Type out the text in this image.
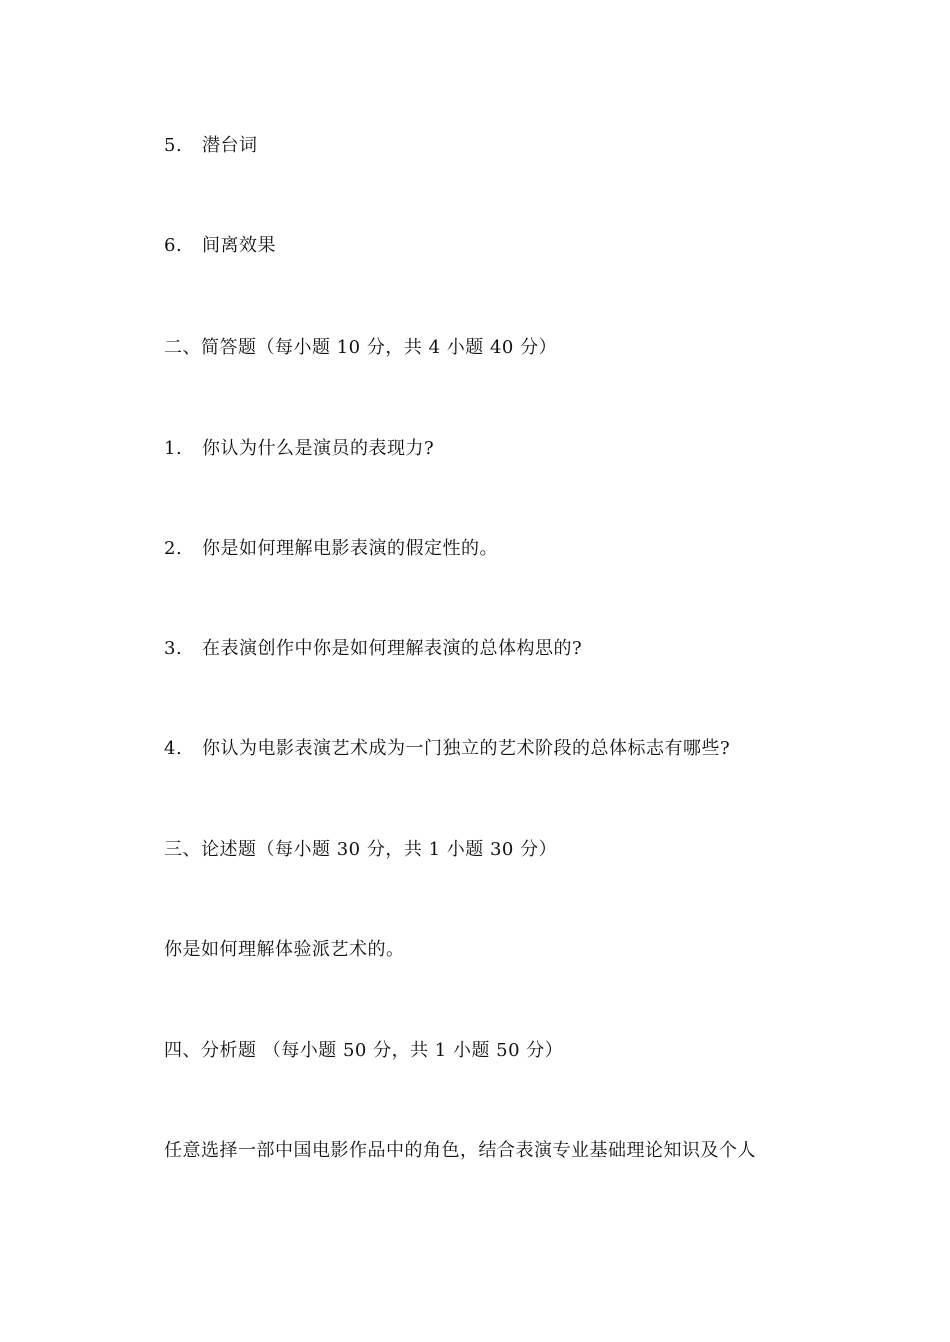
5. 潜台词
6. 间离效果
二、简答题（每小题 10 分，共 4 小题 40 分）
1. 你认为什么是演员的表现力?
2. 你是如何理解电影表演的假定性的。
3. 在表演创作中你是如何理解表演的总体构思的?
4. 你认为电影表演艺术成为一门独立的艺术阶段的总体标志有哪些?
三、论述题（每小题 30 分，共 1 小题 30 分）
你是如何理解体验派艺术的。
四、分析题 （每小题 50 分，共 1 小题 50 分）
任意选择一部中国电影作品中的角色，结合表演专业基础理论知识及个人
